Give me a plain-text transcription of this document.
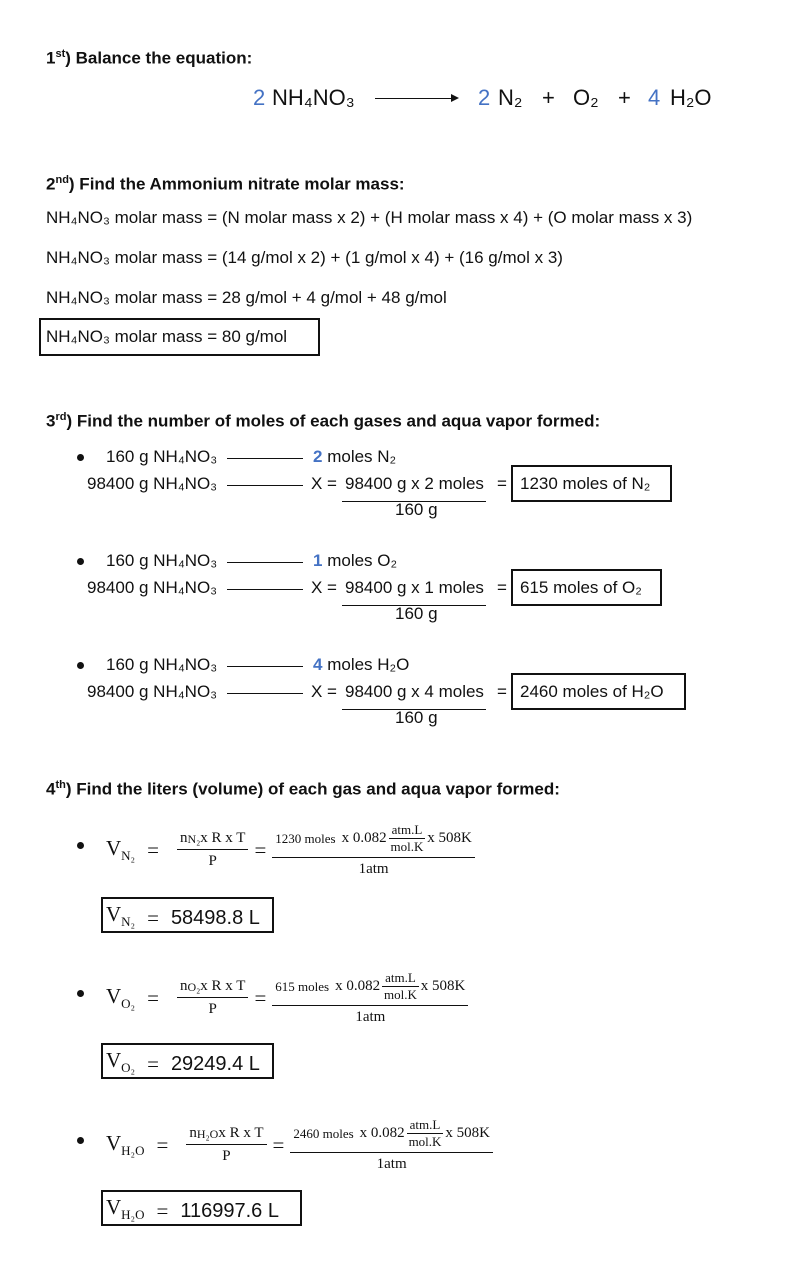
1st) Balance the equation:
2 NH₄NO₃	2 N₂ + O₂ + 4 H₂O
2nd) Find the Ammonium nitrate molar mass:
NH₄NO₃ molar mass = (N molar mass x 2) + (H molar mass x 4) + (O molar mass x 3)
NH₄NO₃ molar mass = (14 g/mol x 2) + (1 g/mol x 4) + (16 g/mol x 3)
NH₄NO₃ molar mass = 28 g/mol + 4 g/mol + 48 g/mol
NH₄NO₃ molar mass = 80 g/mol
3rd) Find the number of moles of each gases and aqua vapor formed:
160 g NH₄NO₃	2 moles N₂
98400 g NH₄NO₃	X = 98400 g x 2 moles =
160 g
1230 moles of N₂
160 g NH₄NO₃	1 moles O₂
98400 g NH₄NO₃	X = 98400 g x 1 moles =
160 g
615 moles of O₂
160 g NH₄NO₃	4 moles H₂O
98400 g NH₄NO₃	X = 98400 g x 4 moles =
160 g
2460 moles of H₂O
4th) Find the liters (volume) of each gas and aqua vapor formed:
$V_{N_2} = \frac{\text{n N₂ x R x T}}{P} = \frac{1230 moles x 0.082 \frac{\text{atm.L}}{\text{mol.K}} x 508K}{\text{1atm}}$
$V_{N_2} = 58498.8$ L
$V_{O_2} = \frac{\text{n O₂ x R x T}}{P} = \frac{615 moles x 0.082 \frac{\text{atm.L}}{\text{mol.K}} x 508K}{\text{1atm}}$
$V_{O_2} = 29249.4$ L
$V_{H_2O} = \frac{\text{n H₂O x R x T}}{P} = \frac{2460 moles x 0.082 \frac{\text{atm.L}}{\text{mol.K}} x 508K}{\text{1atm}}$
$V_{H_2O} = 116997.6$ L
